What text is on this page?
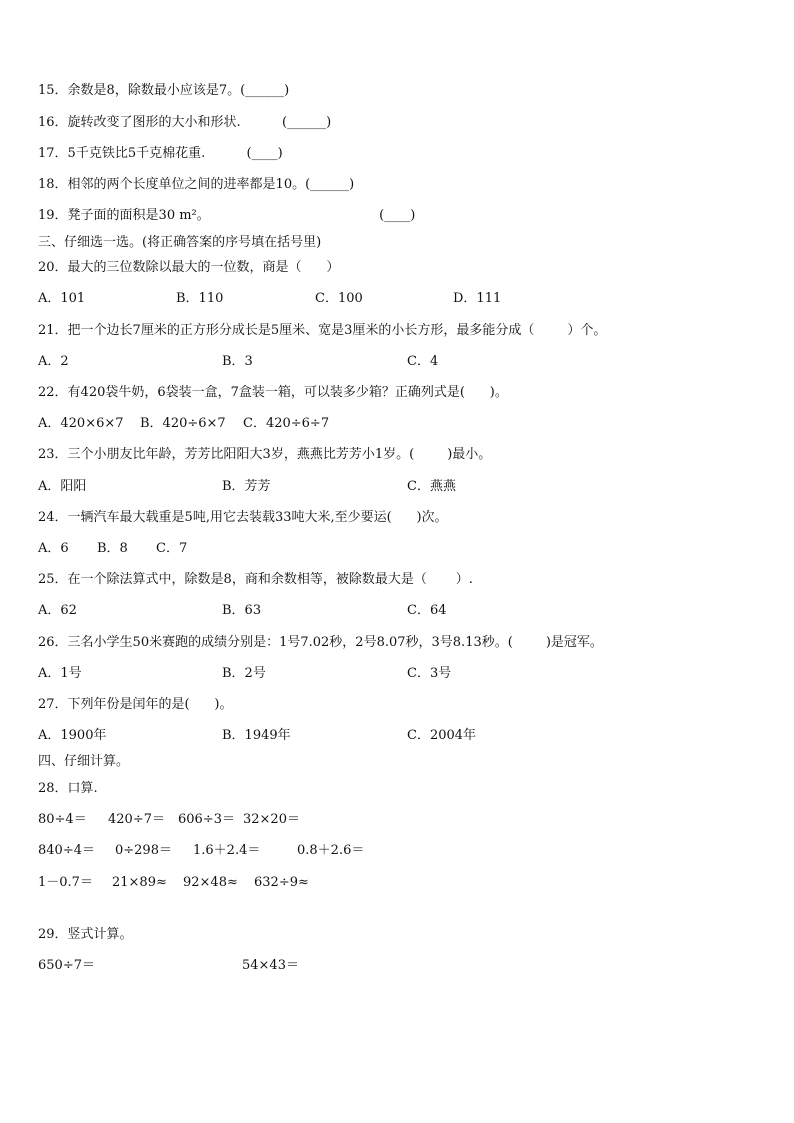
15．余数是8，除数最小应该是7。(______)
16．旋转改变了图形的大小和形状.          (______)
17．5千克铁比5千克棉花重.          (____)
18．相邻的两个长度单位之间的进率都是10。(______)
19．凳子面的面积是30 m²。                                         (____)
三、仔细选一选。(将正确答案的序号填在括号里)
20．最大的三位数除以最大的一位数，商是（      ）
A．101	B．110	C．100	D．111
21．把一个边长7厘米的正方形分成长是5厘米、宽是3厘米的小长方形，最多能分成（        ）个。
A．2	B．3	C．4
22．有420袋牛奶，6袋装一盒，7盒装一箱，可以装多少箱？正确列式是(      )。
A．420×6×7 B．420÷6×7 C．420÷6÷7
23．三个小朋友比年龄，芳芳比阳阳大3岁，燕燕比芳芳小1岁。(        )最小。
A．阳阳	B．芳芳	C．燕燕
24．一辆汽车最大载重是5吨,用它去装载33吨大米,至少要运(      )次。
A．6 B．8 C．7
25．在一个除法算式中，除数是8，商和余数相等，被除数最大是（       ）.
A．62	B．63	C．64
26．三名小学生50米赛跑的成绩分别是：1号7.02秒，2号8.07秒，3号8.13秒。(        )是冠军。
A．1号	B．2号	C．3号
27．下列年份是闰年的是(      )。
A．1900年	B．1949年	C．2004年
四、仔细计算。
28．口算.
80÷4＝ 420÷7＝ 606÷3＝ 32×20＝
840÷4＝ 0÷298＝ 1.6＋2.4＝	0.8＋2.6＝
1－0.7＝ 21×89≈ 92×48≈ 632÷9≈
29．竖式计算。
650÷7＝	54×43＝
